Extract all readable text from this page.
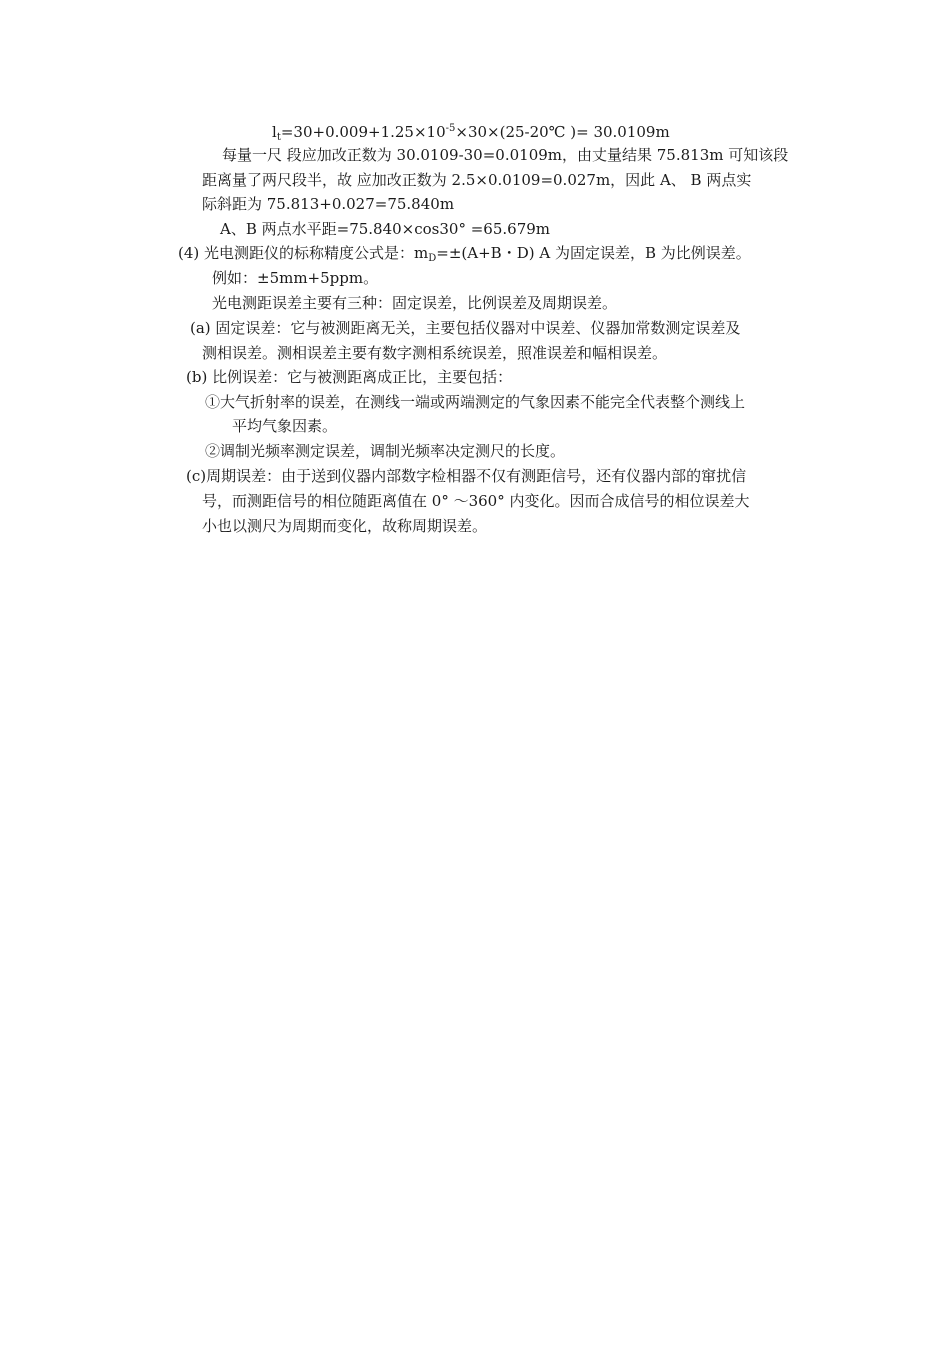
$l_t=30+0.009+1.25\times 10^{-5}\times 30\times(25-20℃$ )= 30.0109m
每量一尺 段应加改正数为 30.0109-30=0.0109m，由丈量结果 75.813m 可知该段
距离量了两尺段半，故 应加改正数为 2.5×0.0109=0.027m，因此 A、 B 两点实
际斜距为 75.813+0.027=75.840m
A、B 两点水平距=75.840×cos30° =65.679m
(4) 光电测距仪的标称精度公式是：$m_D=\pm(A+B$・D) A 为固定误差，B 为比例误差。
例如：±5mm+5ppm。
光电测距误差主要有三种：固定误差，比例误差及周期误差。
(a) 固定误差：它与被测距离无关，主要包括仪器对中误差、仪器加常数测定误差及
测相误差。测相误差主要有数字测相系统误差，照准误差和幅相误差。
(b) 比例误差：它与被测距离成正比，主要包括：
①大气折射率的误差，在测线一端或两端测定的气象因素不能完全代表整个测线上
平均气象因素。
②调制光频率测定误差，调制光频率决定测尺的长度。
(c)周期误差：由于送到仪器内部数字检相器不仅有测距信号，还有仪器内部的窜扰信
号，而测距信号的相位随距离值在 0° ～360° 内变化。因而合成信号的相位误差大
小也以测尺为周期而变化，故称周期误差。
